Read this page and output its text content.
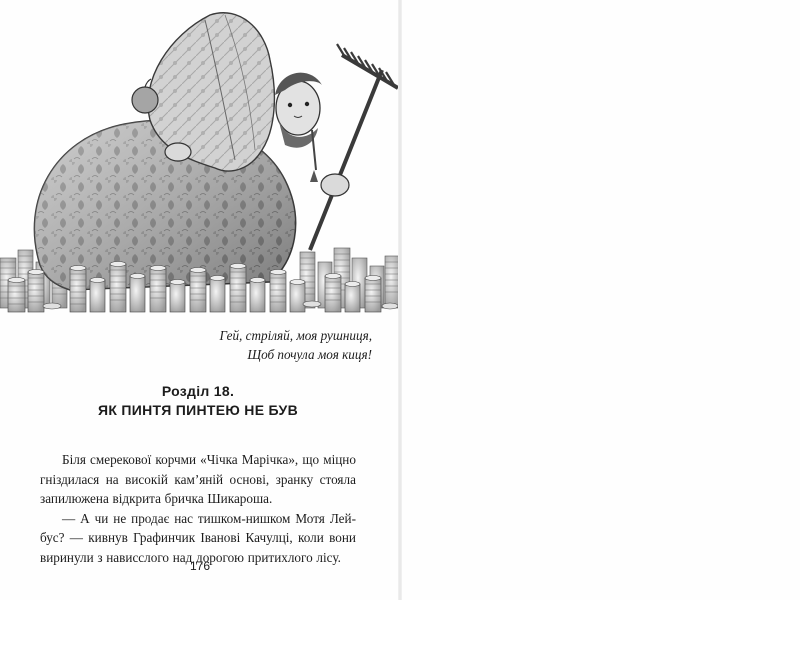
Гей, стріляй, моя рушниця,
Щоб почула моя киця!
Розділ 18.
ЯК ПИНТЯ ПИНТЕЮ НЕ БУВ
Біля смерекової корчми «Чічка Марічка», що міцно
гніздилася на високій кам’яній основі, зранку стояла
запилюжена відкрита бричка Шикароша.
— А чи не продає нас тишком-нишком Мотя Лей-
бус? — кивнув Графинчик Івановi Качулці, коли вони
виринули з нависслого над дорогою притихлого лісу.
176
